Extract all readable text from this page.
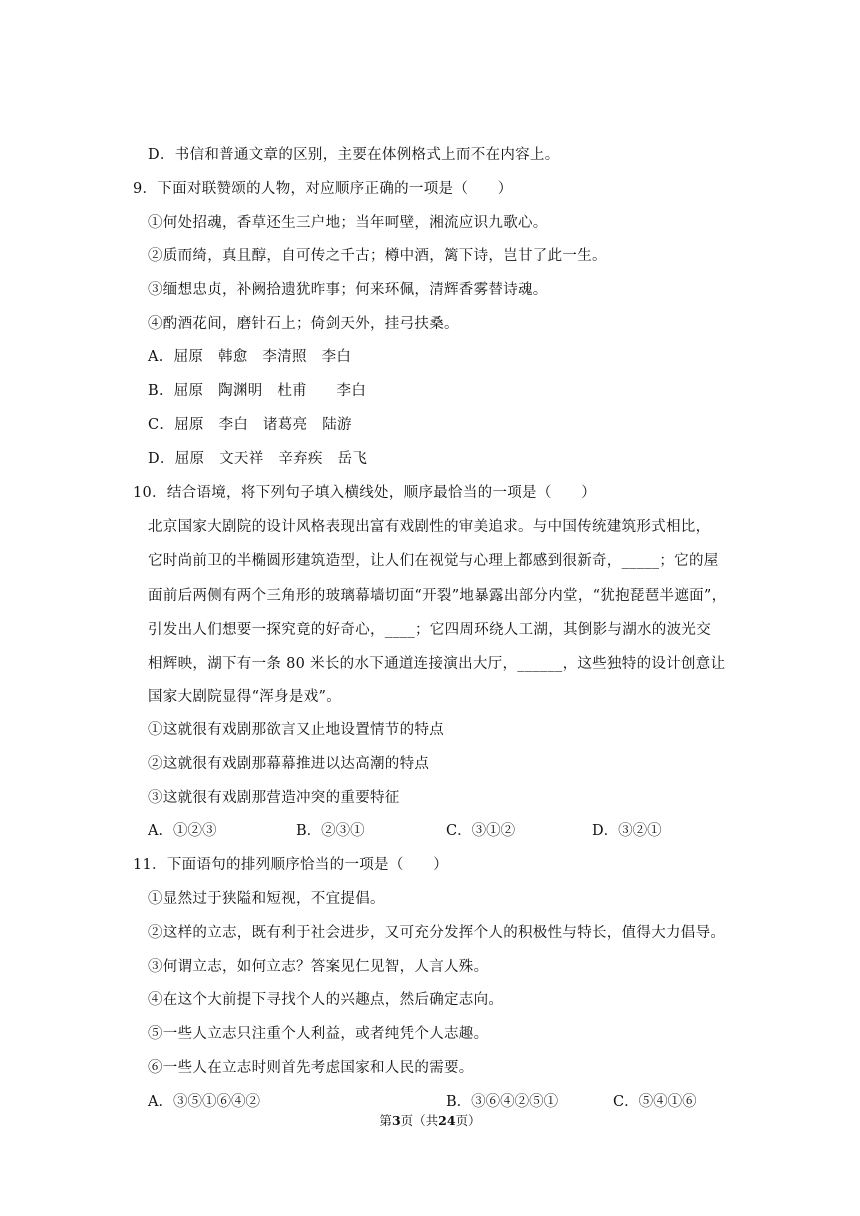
D．书信和普通文章的区别，主要在体例格式上而不在内容上。
9．下面对联赞颂的人物，对应顺序正确的一项是（　　）
①何处招魂，香草还生三户地；当年呵壁，湘流应识九歌心。
②质而绮，真且醇，自可传之千古；樽中酒，篱下诗，岂甘了此一生。
③缅想忠贞，补阙拾遗犹昨事；何来环佩，清辉香雾替诗魂。
④酌酒花间，磨针石上；倚剑天外，挂弓扶桑。
A．屈原　韩愈　李清照　李白
B．屈原　陶渊明　杜甫　　李白
C．屈原　李白　诸葛亮　陆游
D．屈原　文天祥　辛弃疾　岳飞
10．结合语境，将下列句子填入横线处，顺序最恰当的一项是（　　）
北京国家大剧院的设计风格表现出富有戏剧性的审美追求。与中国传统建筑形式相比，
它时尚前卫的半椭圆形建筑造型，让人们在视觉与心理上都感到很新奇，_____；它的屋
面前后两侧有两个三角形的玻璃幕墙切面“开裂”地暴露出部分内堂，“犹抱琵琶半遮面”，
引发出人们想要一探究竟的好奇心，____；它四周环绕人工湖，其倒影与湖水的波光交
相辉映，湖下有一条 80 米长的水下通道连接演出大厅，______，这些独特的设计创意让
国家大剧院显得“浑身是戏”。
①这就很有戏剧那欲言又止地设置情节的特点
②这就很有戏剧那幕幕推进以达高潮的特点
③这就很有戏剧那营造冲突的重要特征
A．①②③	B．②③①	C．③①②	D．③②①
11．下面语句的排列顺序恰当的一项是（　　）
①显然过于狭隘和短视，不宜提倡。
②这样的立志，既有利于社会进步，又可充分发挥个人的积极性与特长，值得大力倡导。
③何谓立志，如何立志？答案见仁见智，人言人殊。
④在这个大前提下寻找个人的兴趣点，然后确定志向。
⑤一些人立志只注重个人利益，或者纯凭个人志趣。
⑥一些人在立志时则首先考虑国家和人民的需要。
A．③⑤①⑥④②	B．③⑥④②⑤①	C．⑤④①⑥
第3页（共24页）
